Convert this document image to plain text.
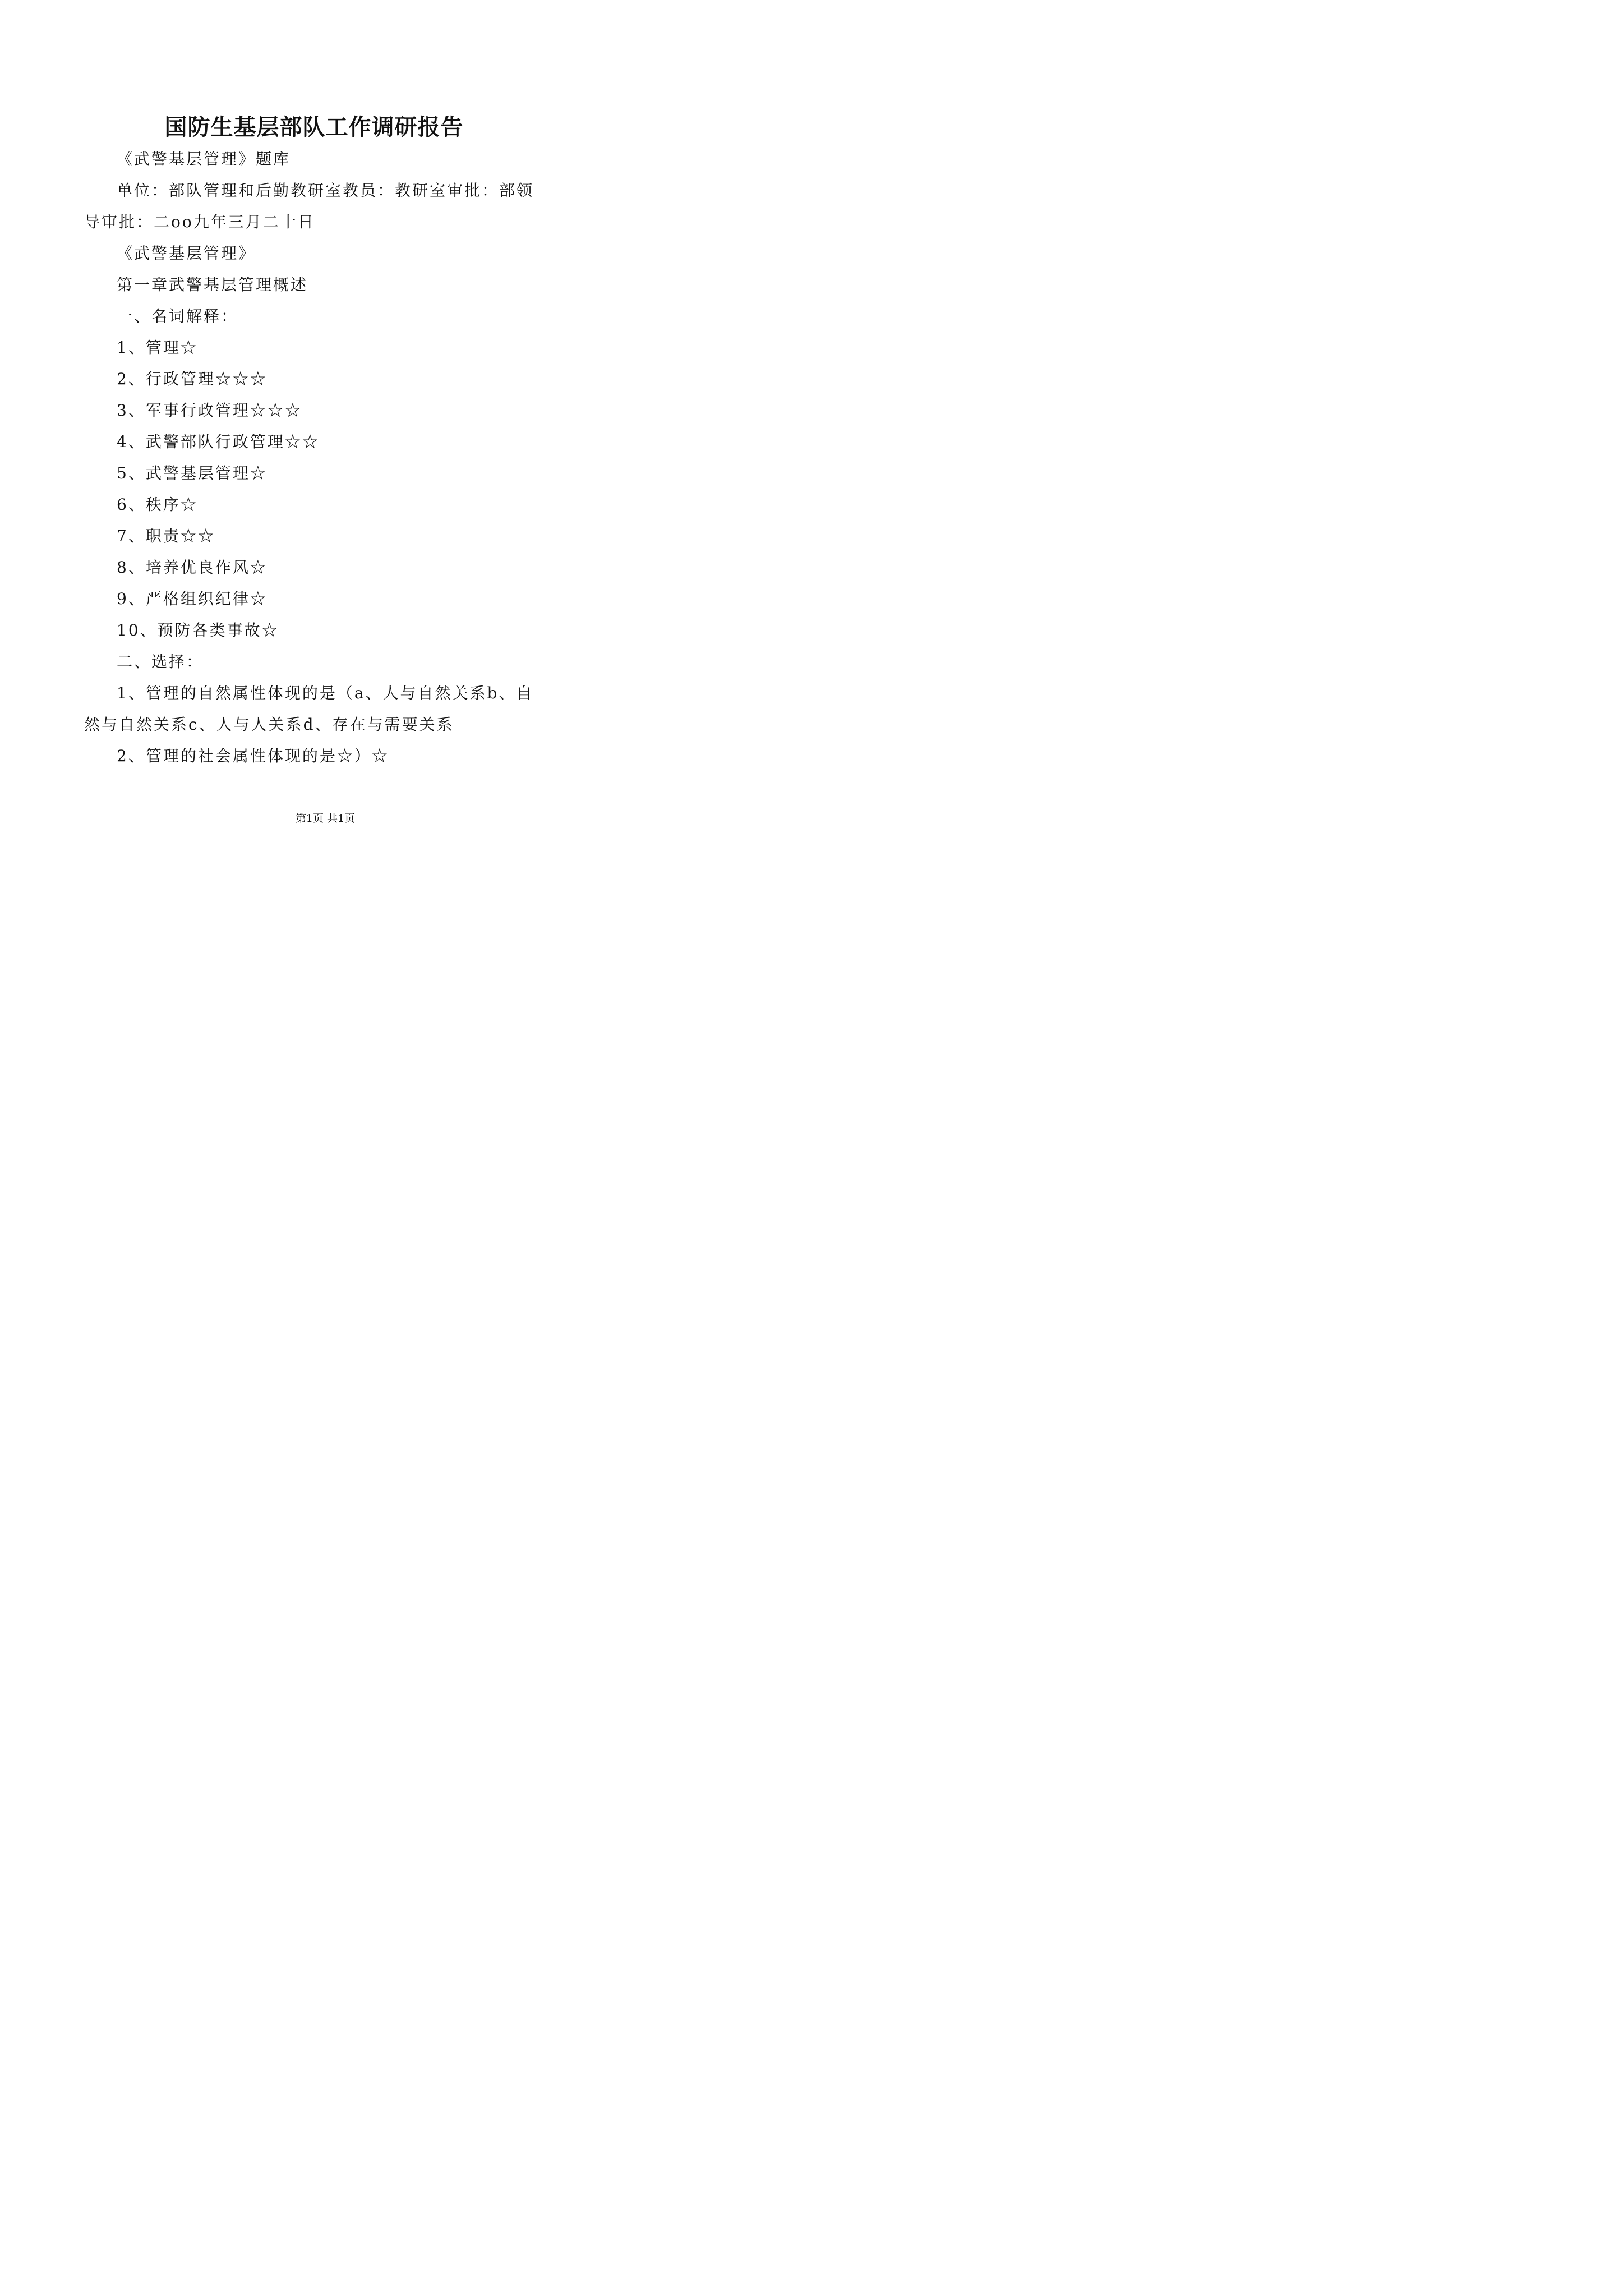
国防生基层部队工作调研报告

《武警基层管理》题库

单位：部队管理和后勤教研室教员：教研室审批：部领导审批：二oo九年三月二十日

《武警基层管理》

第一章武警基层管理概述

一、名词解释：

1、管理☆

2、行政管理☆☆☆

3、军事行政管理☆☆☆

4、武警部队行政管理☆☆

5、武警基层管理☆

6、秩序☆

7、职责☆☆

8、培养优良作风☆

9、严格组织纪律☆

10、预防各类事故☆

二、选择：

1、管理的自然属性体现的是（a、人与自然关系b、自然与自然关系c、人与人关系d、存在与需要关系

2、管理的社会属性体现的是☆）☆

第1页 共1页
